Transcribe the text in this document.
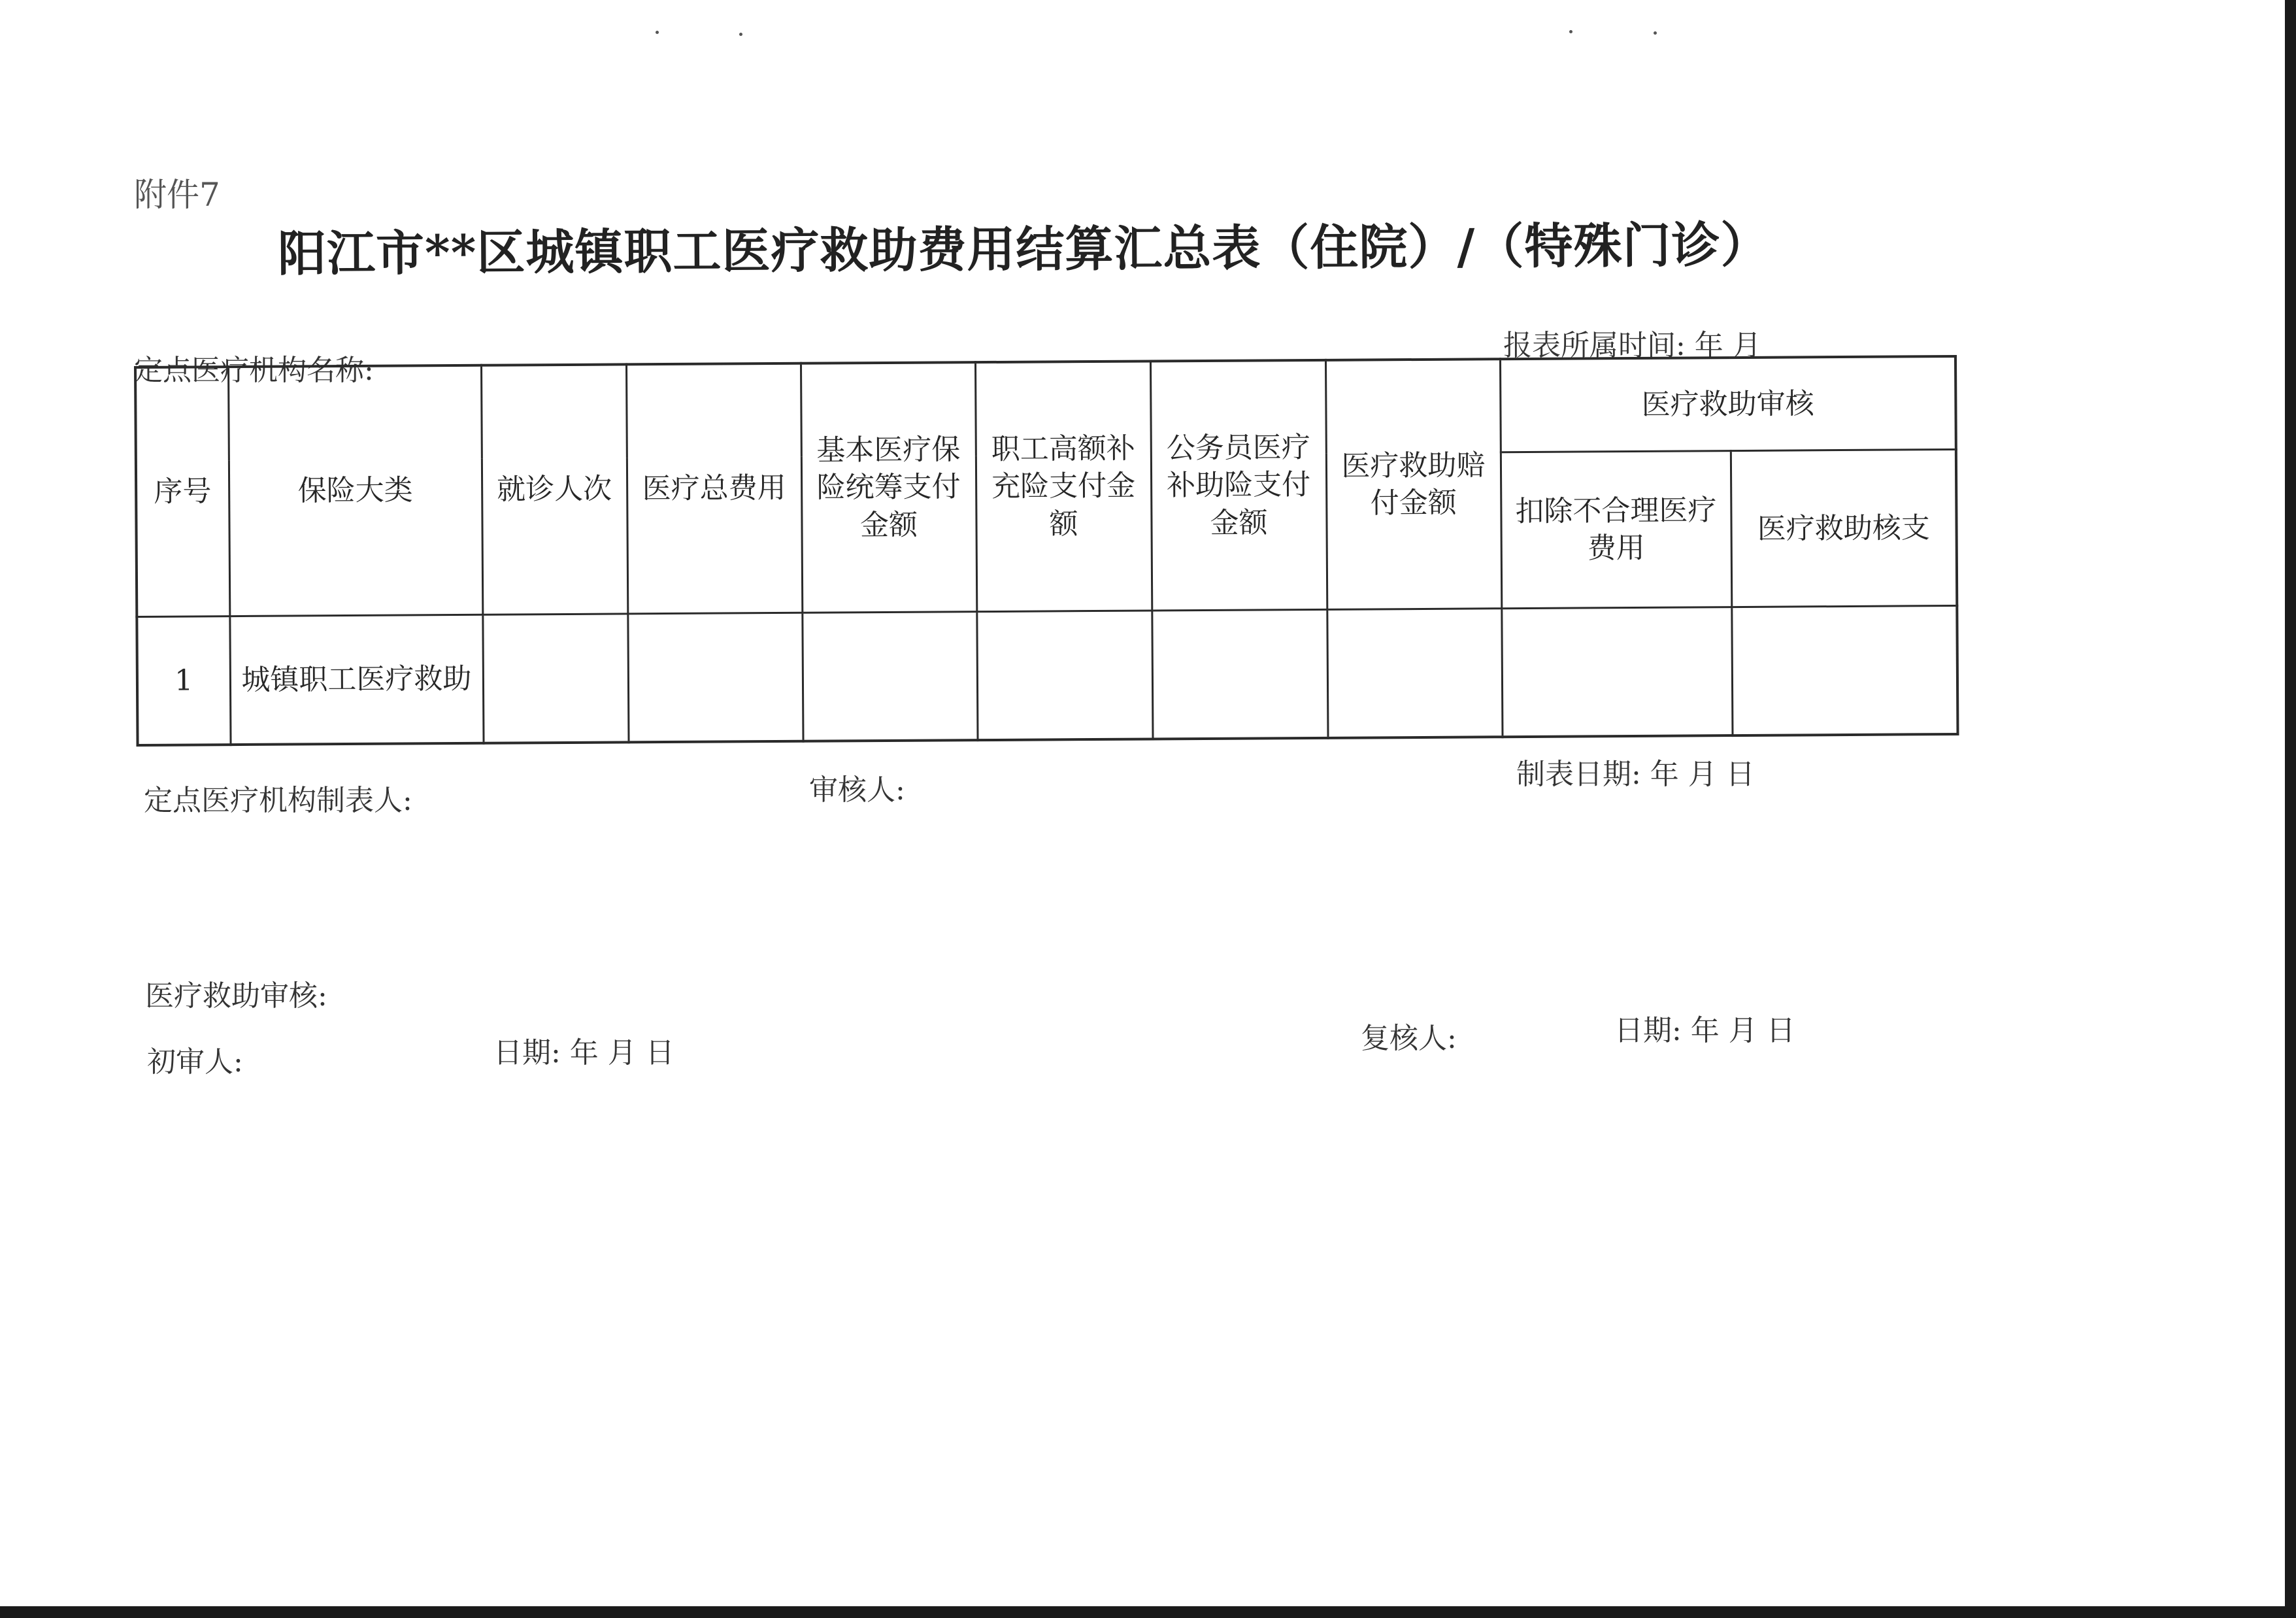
附件7
阳江市**区城镇职工医疗救助费用结算汇总表（住院）/（特殊门诊）
报表所属时间: 年 月
定点医疗机构名称:
序号	保险大类	就诊人次	医疗总费用	基本医疗保
险统筹支付
金额	职工高额补
充险支付金
额	公务员医疗
补助险支付
金额	医疗救助赔
付金额	医疗救助审核	
								扣除不合理医疗
费用	医疗救助核支
1	城镇职工医疗救助								
定点医疗机构制表人:	审核人:	制表日期: 年 月 日
医疗救助审核:
初审人:	日期: 年 月 日	复核人:	日期: 年 月 日
